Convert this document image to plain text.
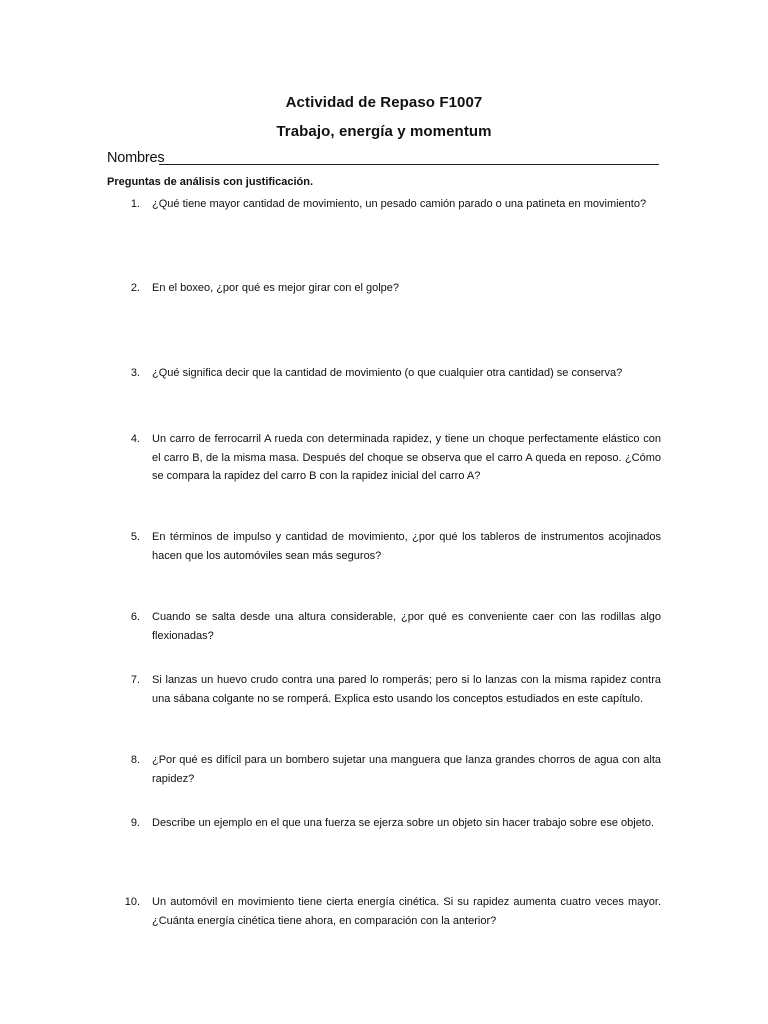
Actividad de Repaso F1007
Trabajo, energía y momentum
Nombres
Preguntas de análisis con justificación.
1. ¿Qué tiene mayor cantidad de movimiento, un pesado camión parado o una patineta en movimiento?
2. En el boxeo, ¿por qué es mejor girar con el golpe?
3. ¿Qué significa decir que la cantidad de movimiento (o que cualquier otra cantidad) se conserva?
4. Un carro de ferrocarril A rueda con determinada rapidez, y tiene un choque perfectamente elástico con el carro B, de la misma masa. Después del choque se observa que el carro A queda en reposo. ¿Cómo se compara la rapidez del carro B con la rapidez inicial del carro A?
5. En términos de impulso y cantidad de movimiento, ¿por qué los tableros de instrumentos acojinados hacen que los automóviles sean más seguros?
6. Cuando se salta desde una altura considerable, ¿por qué es conveniente caer con las rodillas algo flexionadas?
7. Si lanzas un huevo crudo contra una pared lo romperás; pero si lo lanzas con la misma rapidez contra una sábana colgante no se romperá. Explica esto usando los conceptos estudiados en este capítulo.
8. ¿Por qué es difícil para un bombero sujetar una manguera que lanza grandes chorros de agua con alta rapidez?
9. Describe un ejemplo en el que una fuerza se ejerza sobre un objeto sin hacer trabajo sobre ese objeto.
10. Un automóvil en movimiento tiene cierta energía cinética. Si su rapidez aumenta cuatro veces mayor. ¿Cuánta energía cinética tiene ahora, en comparación con la anterior?
